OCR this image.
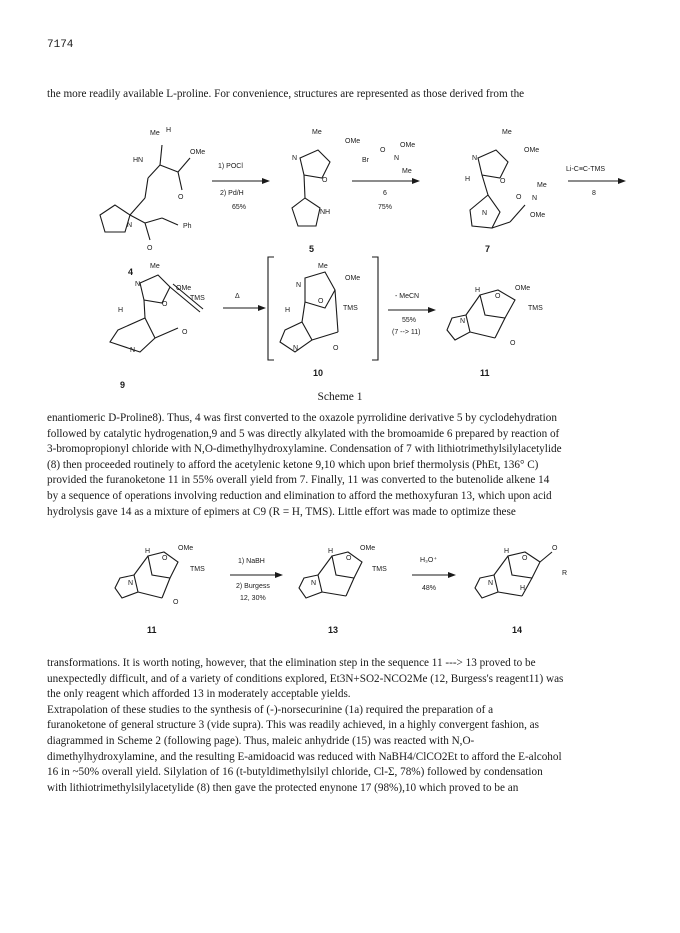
7174

the more readily available L-proline. For convenience, structures are represented as those derived from the

Me H
OMe
HN
O
N
O
Ph
4
1) POCl
2) Pd/H
65%
Me
OMe
N
O
NH
5
Br
O
N
OMe
Me
6
75%
Me
OMe
N
O
H
N
O N
Me
OMe
7
Li-C≡C-TMS
8
Me
OMe
N
O
TMS
H
N
O
9
Δ
Me
OMe
N
O
TMS
H
N	O
10
- MeCN
55%
(7 --> 11)
H
O
OMe
TMS
N
O
11
H
O
OMe
TMS
N
O
11
1) NaBH
2) Burgess
12, 30%
H
O
OMe
TMS
N
13
H₃O⁺
48%
H
O
O
R
N
H
14
Scheme 1

enantiomeric D-Proline8). Thus, 4 was first converted to the oxazole pyrrolidine derivative 5 by cyclodehydration
followed by catalytic hydrogenation,9 and 5 was directly alkylated with the bromoamide 6 prepared by reaction of
3-bromopropionyl chloride with N,O-dimethylhydroxylamine. Condensation of 7 with lithiotrimethylsilylacetylide
(8) then proceeded routinely to afford the acetylenic ketone 9,10 which upon brief thermolysis (PhEt, 136° C)
provided the furanoketone 11 in 55% overall yield from 7. Finally, 11 was converted to the butenolide alkene 14
by a sequence of operations involving reduction and elimination to afford the methoxyfuran 13, which upon acid
hydrolysis gave 14 as a mixture of epimers at C9 (R = H, TMS). Little effort was made to optimize these

transformations. It is worth noting, however, that the elimination step in the sequence 11 ---> 13 proved to be
unexpectedly difficult, and of a variety of conditions explored, Et3N+SO2-NCO2Me (12, Burgess's reagent11) was
the only reagent which afforded 13 in moderately acceptable yields.
Extrapolation of these studies to the synthesis of (-)-norsecurinine (1a) required the preparation of a
furanoketone of general structure 3 (vide supra). This was readily achieved, in a highly convergent fashion, as
diagrammed in Scheme 2 (following page). Thus, maleic anhydride (15) was reacted with N,O-
dimethylhydroxylamine, and the resulting E-amidoacid was reduced with NaBH4/ClCO2Et to afford the E-alcohol
16 in ~50% overall yield. Silylation of 16 (t-butyldimethylsilyl chloride, Cl-Σ, 78%) followed by condensation
with lithiotrimethylsilylacetylide (8) then gave the protected enynone 17 (98%),10 which proved to be an
